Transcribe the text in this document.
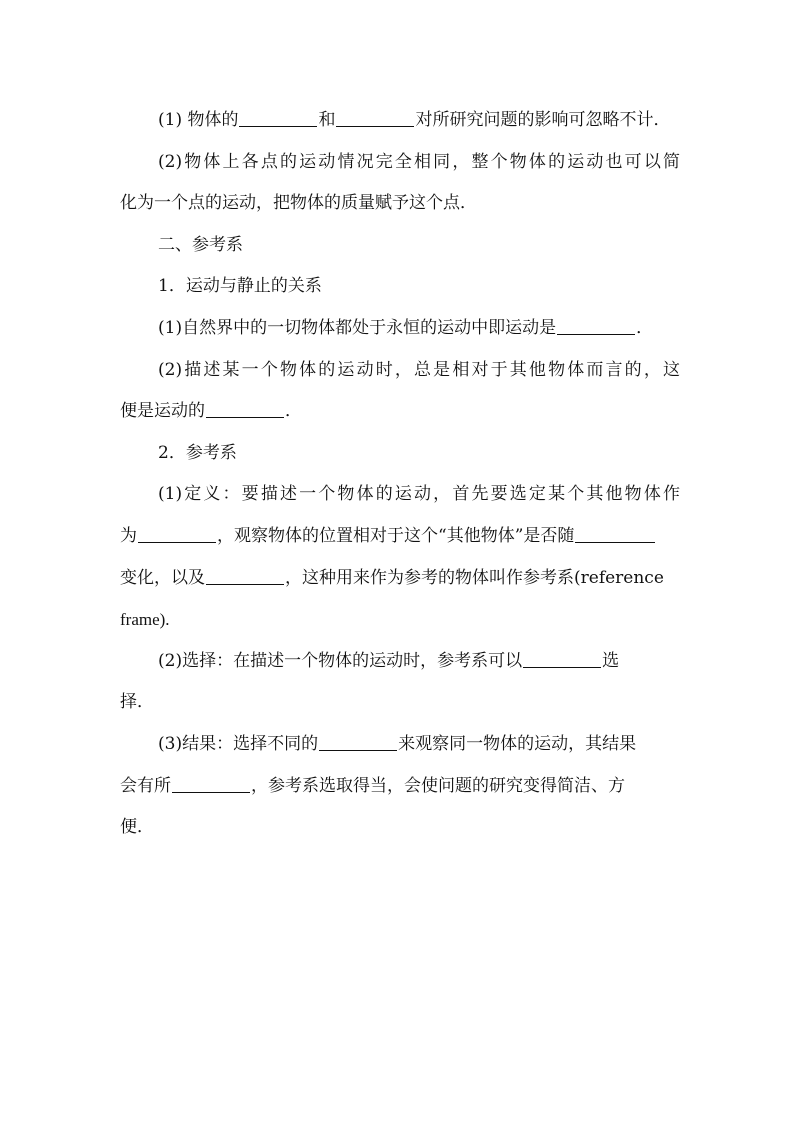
(1) 物体的	和	对所研究问题的影响可忽略不计．

(2)物体上各点的运动情况完全相同，整个物体的运动也可以简

化为一个点的运动，把物体的质量赋予这个点．

二、参考系

1．运动与静止的关系

(1)自然界中的一切物体都处于永恒的运动中即运动是	．

(2)描述某一个物体的运动时，总是相对于其他物体而言的，这

便是运动的	．

2．参考系

(1)定义：要描述一个物体的运动，首先要选定某个其他物体作

为	，观察物体的位置相对于这个“其他物体”是否随

变化，以及	，这种用来作为参考的物体叫作参考系(reference

frame).

(2)选择：在描述一个物体的运动时，参考系可以	选

择．

(3)结果：选择不同的	来观察同一物体的运动，其结果

会有所	，参考系选取得当，会使问题的研究变得简洁、方

便．
